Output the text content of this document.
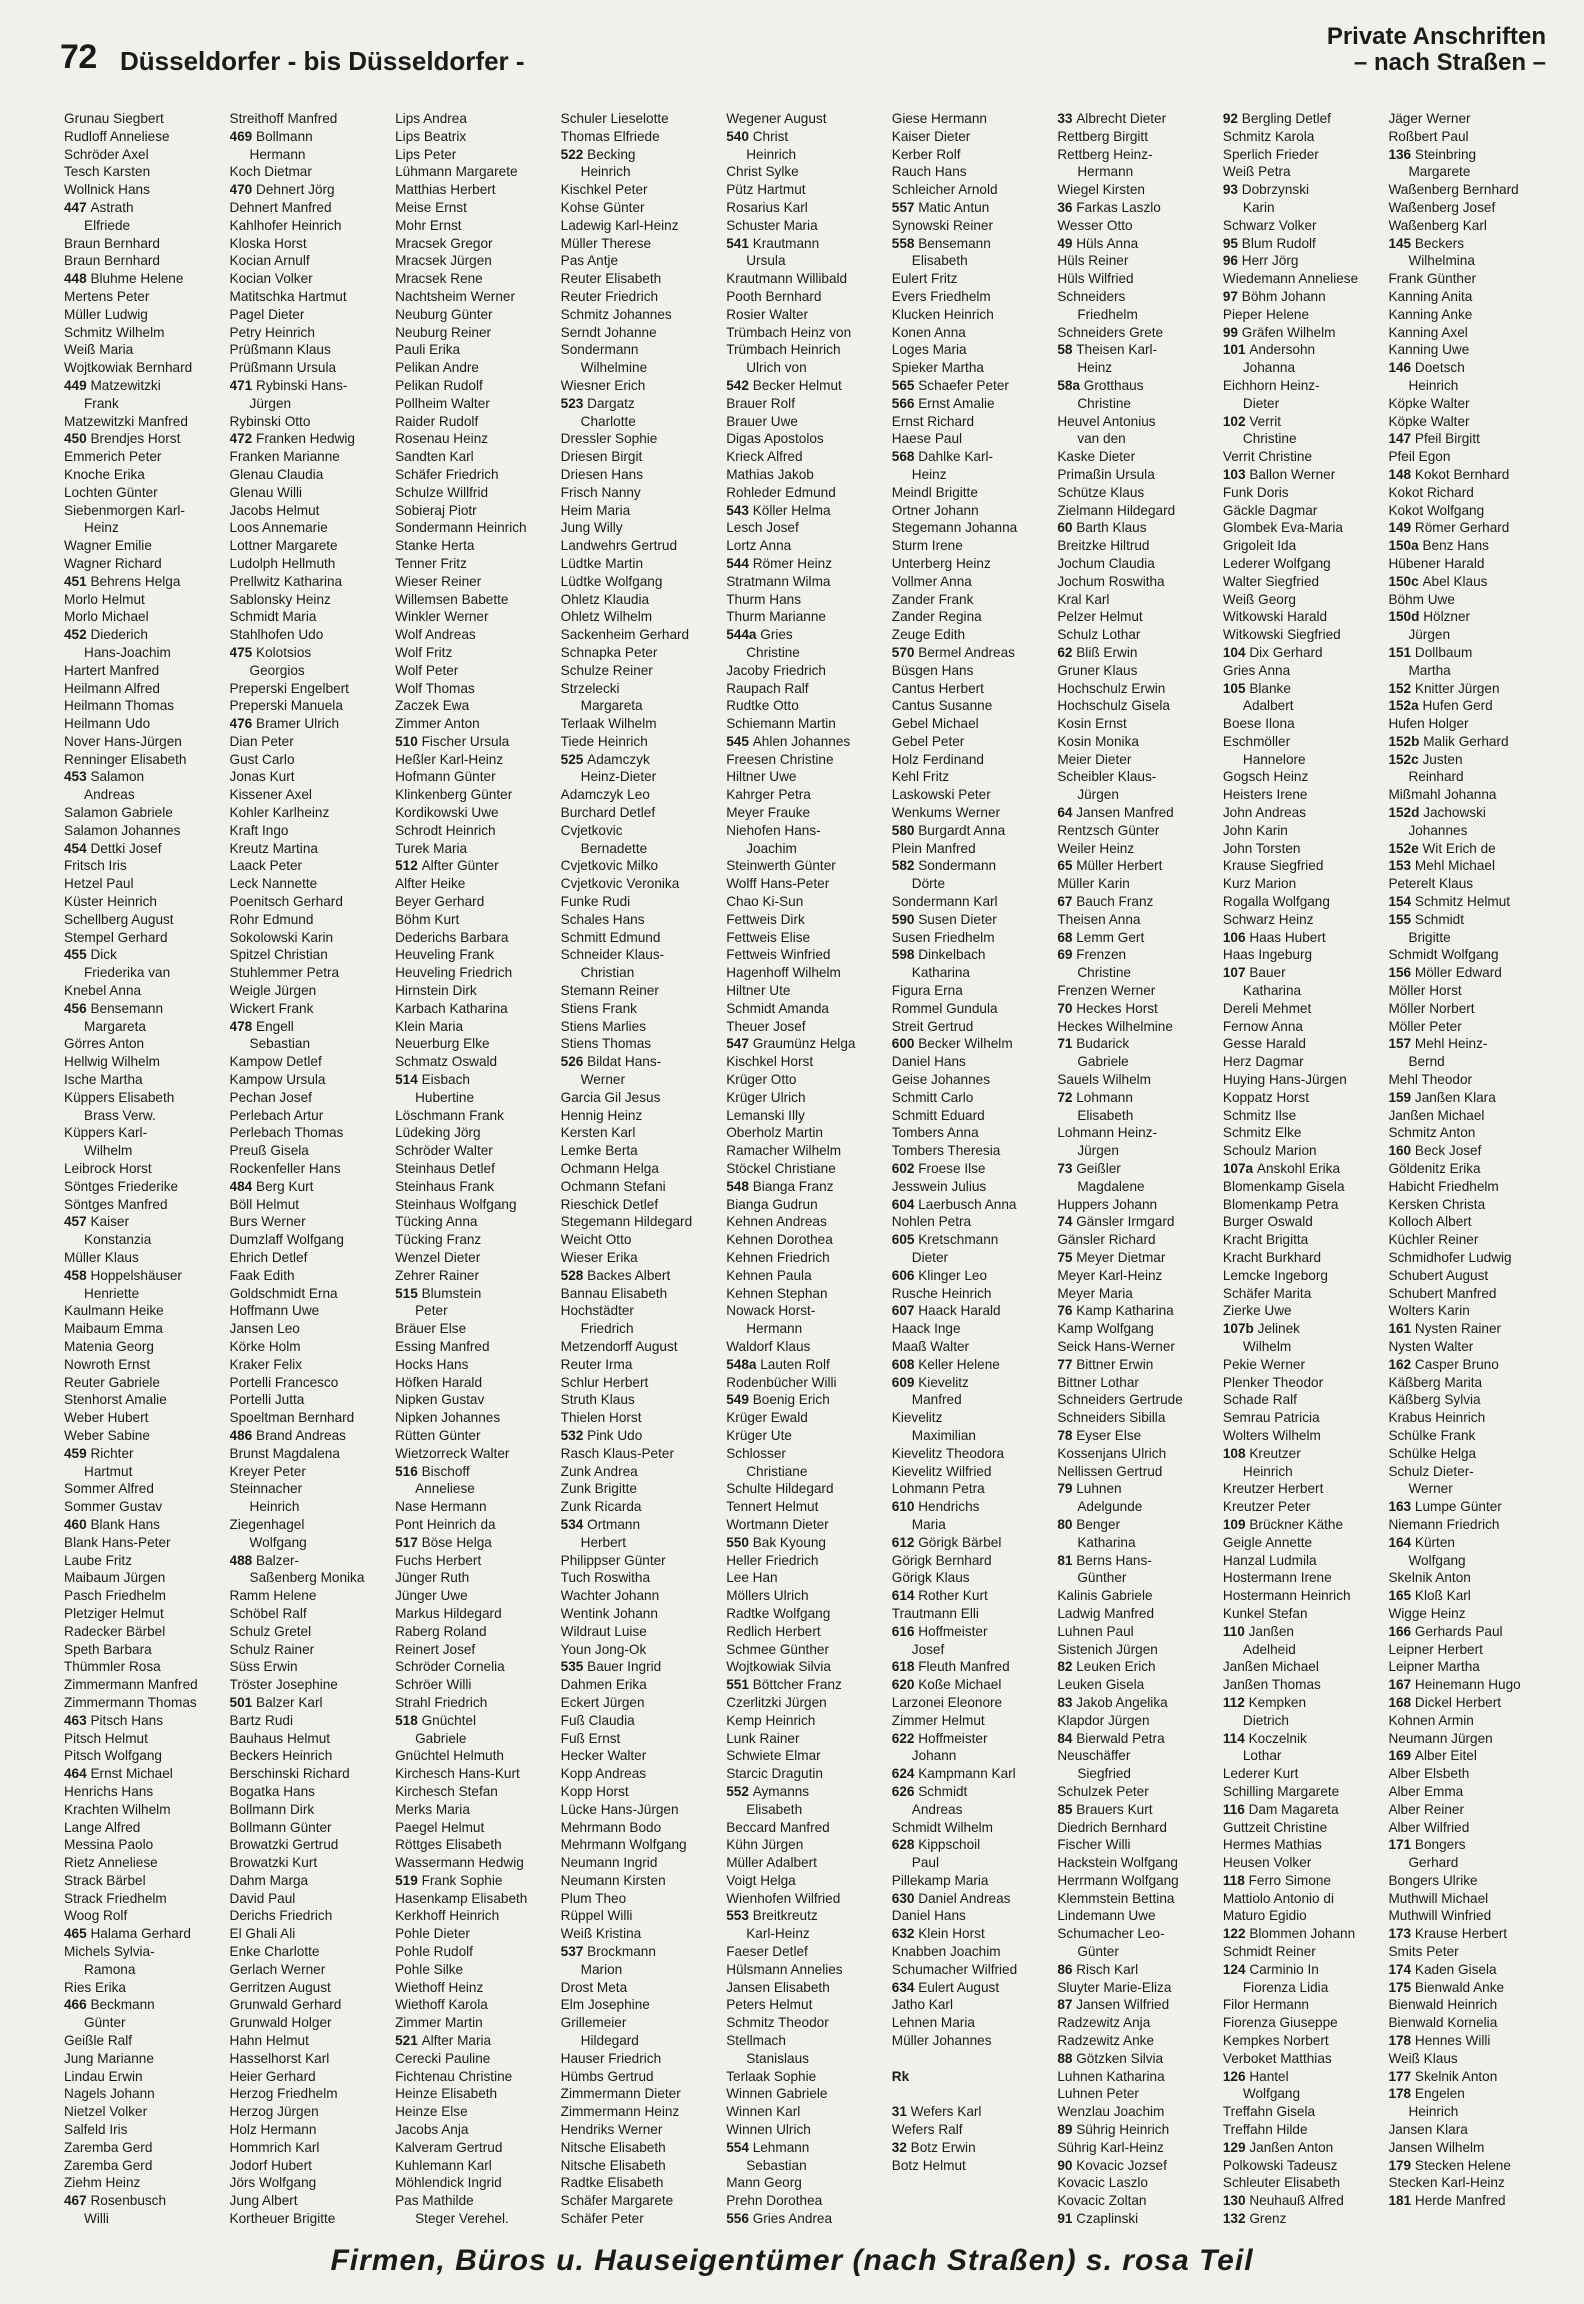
72 Düsseldorfer - bis Düsseldorfer -
Private Anschriften
– nach Straßen –
Grunau Siegbert
Rudloff Anneliese
Schröder Axel
Tesch Karsten
Wollnick Hans
447 Astrath
Elfriede
Braun Bernhard
Braun Bernhard
448 Bluhme Helene
Mertens Peter
Müller Ludwig
Schmitz Wilhelm
Weiß Maria
Wojtkowiak Bernhard
449 Matzewitzki
Frank
Matzewitzki Manfred
450 Brendjes Horst
Emmerich Peter
Knoche Erika
Lochten Günter
Siebenmorgen Karl-
Heinz
Wagner Emilie
Wagner Richard
451 Behrens Helga
Morlo Helmut
Morlo Michael
452 Diederich
Hans-Joachim
Hartert Manfred
Heilmann Alfred
Heilmann Thomas
Heilmann Udo
Nover Hans-Jürgen
Renninger Elisabeth
453 Salamon
Andreas
Salamon Gabriele
Salamon Johannes
454 Dettki Josef
Fritsch Iris
Hetzel Paul
Küster Heinrich
Schellberg August
Stempel Gerhard
455 Dick
Friederika van
Knebel Anna
456 Bensemann
Margareta
Görres Anton
Hellwig Wilhelm
Ische Martha
Küppers Elisabeth
Brass Verw.
Küppers Karl-
Wilhelm
Leibrock Horst
Söntges Friederike
Söntges Manfred
457 Kaiser
Konstanzia
Müller Klaus
458 Hoppelshäuser
Henriette
Kaulmann Heike
Maibaum Emma
Matenia Georg
Nowroth Ernst
Reuter Gabriele
Stenhorst Amalie
Weber Hubert
Weber Sabine
459 Richter
Hartmut
Sommer Alfred
Sommer Gustav
460 Blank Hans
Blank Hans-Peter
Laube Fritz
Maibaum Jürgen
Pasch Friedhelm
Pletziger Helmut
Radecker Bärbel
Speth Barbara
Thümmler Rosa
Zimmermann Manfred
Zimmermann Thomas
463 Pitsch Hans
Pitsch Helmut
Pitsch Wolfgang
464 Ernst Michael
Henrichs Hans
Krachten Wilhelm
Lange Alfred
Messina Paolo
Rietz Anneliese
Strack Bärbel
Strack Friedhelm
Woog Rolf
465 Halama Gerhard
Michels Sylvia-
Ramona
Ries Erika
466 Beckmann
Günter
Geißle Ralf
Jung Marianne
Lindau Erwin
Nagels Johann
Nietzel Volker
Salfeld Iris
Zaremba Gerd
Zaremba Gerd
Ziehm Heinz
467 Rosenbusch
Willi
Streithoff Manfred
469 Bollmann
Hermann
Koch Dietmar
470 Dehnert Jörg
Dehnert Manfred
Kahlhofer Heinrich
Kloska Horst
Kocian Arnulf
Kocian Volker
Matitschka Hartmut
Pagel Dieter
Petry Heinrich
Prüßmann Klaus
Prüßmann Ursula
471 Rybinski Hans-
Jürgen
Rybinski Otto
472 Franken Hedwig
Franken Marianne
Glenau Claudia
Glenau Willi
Jacobs Helmut
Loos Annemarie
Lottner Margarete
Ludolph Hellmuth
Prellwitz Katharina
Sablonsky Heinz
Schmidt Maria
Stahlhofen Udo
475 Kolotsios
Georgios
Preperski Engelbert
Preperski Manuela
476 Bramer Ulrich
Dian Peter
Gust Carlo
Jonas Kurt
Kissener Axel
Kohler Karlheinz
Kraft Ingo
Kreutz Martina
Laack Peter
Leck Nannette
Poenitsch Gerhard
Rohr Edmund
Sokolowski Karin
Spitzel Christian
Stuhlemmer Petra
Weigle Jürgen
Wickert Frank
478 Engell
Sebastian
Kampow Detlef
Kampow Ursula
Pechan Josef
Perlebach Artur
Perlebach Thomas
Preuß Gisela
Rockenfeller Hans
484 Berg Kurt
Böll Helmut
Burs Werner
Dumzlaff Wolfgang
Ehrich Detlef
Faak Edith
Goldschmidt Erna
Hoffmann Uwe
Jansen Leo
Körke Holm
Kraker Felix
Portelli Francesco
Portelli Jutta
Spoeltman Bernhard
486 Brand Andreas
Brunst Magdalena
Kreyer Peter
Steinnacher
Heinrich
Ziegenhagel
Wolfgang
488 Balzer-
Saßenberg Monika
Ramm Helene
Schöbel Ralf
Schulz Gretel
Schulz Rainer
Süss Erwin
Tröster Josephine
501 Balzer Karl
Bartz Rudi
Bauhaus Helmut
Beckers Heinrich
Berschinski Richard
Bogatka Hans
Bollmann Dirk
Bollmann Günter
Browatzki Gertrud
Browatzki Kurt
Dahm Marga
David Paul
Derichs Friedrich
El Ghali Ali
Enke Charlotte
Gerlach Werner
Gerritzen August
Grunwald Gerhard
Grunwald Holger
Hahn Helmut
Hasselhorst Karl
Heier Gerhard
Herzog Friedhelm
Herzog Jürgen
Holz Hermann
Hommrich Karl
Jodorf Hubert
Jörs Wolfgang
Jung Albert
Kortheuer Brigitte
Lips Andrea
Lips Beatrix
Lips Peter
Lühmann Margarete
Matthias Herbert
Meise Ernst
Mohr Ernst
Mracsek Gregor
Mracsek Jürgen
Mracsek Rene
Nachtsheim Werner
Neuburg Günter
Neuburg Reiner
Pauli Erika
Pelikan Andre
Pelikan Rudolf
Pollheim Walter
Raider Rudolf
Rosenau Heinz
Sandten Karl
Schäfer Friedrich
Schulze Willfrid
Sobieraj Piotr
Sondermann Heinrich
Stanke Herta
Tenner Fritz
Wieser Reiner
Willemsen Babette
Winkler Werner
Wolf Andreas
Wolf Fritz
Wolf Peter
Wolf Thomas
Zaczek Ewa
Zimmer Anton
510 Fischer Ursula
Heßler Karl-Heinz
Hofmann Günter
Klinkenberg Günter
Kordikowski Uwe
Schrodt Heinrich
Turek Maria
512 Alfter Günter
Alfter Heike
Beyer Gerhard
Böhm Kurt
Dederichs Barbara
Heuveling Frank
Heuveling Friedrich
Hirnstein Dirk
Karbach Katharina
Klein Maria
Neuerburg Elke
Schmatz Oswald
514 Eisbach
Hubertine
Löschmann Frank
Lüdeking Jörg
Schröder Walter
Steinhaus Detlef
Steinhaus Frank
Steinhaus Wolfgang
Tücking Anna
Tücking Franz
Wenzel Dieter
Zehrer Rainer
515 Blumstein
Peter
Bräuer Else
Essing Manfred
Hocks Hans
Höfken Harald
Nipken Gustav
Nipken Johannes
Rütten Günter
Wietzorreck Walter
516 Bischoff
Anneliese
Nase Hermann
Pont Heinrich da
517 Böse Helga
Fuchs Herbert
Jünger Ruth
Jünger Uwe
Markus Hildegard
Raberg Roland
Reinert Josef
Schröder Cornelia
Schröer Willi
Strahl Friedrich
518 Gnüchtel
Gabriele
Gnüchtel Helmuth
Kirchesch Hans-Kurt
Kirchesch Stefan
Merks Maria
Paegel Helmut
Röttges Elisabeth
Wassermann Hedwig
519 Frank Sophie
Hasenkamp Elisabeth
Kerkhoff Heinrich
Pohle Dieter
Pohle Rudolf
Pohle Silke
Wiethoff Heinz
Wiethoff Karola
Zimmer Martin
521 Alfter Maria
Cerecki Pauline
Fichtenau Christine
Heinze Elisabeth
Heinze Else
Jacobs Anja
Kalveram Gertrud
Kuhlemann Karl
Möhlendick Ingrid
Pas Mathilde
Steger Verehel.
Schuler Lieselotte
Thomas Elfriede
522 Becking
Heinrich
Kischkel Peter
Kohse Günter
Ladewig Karl-Heinz
Müller Therese
Pas Antje
Reuter Elisabeth
Reuter Friedrich
Schmitz Johannes
Serndt Johanne
Sondermann
Wilhelmine
Wiesner Erich
523 Dargatz
Charlotte
Dressler Sophie
Driesen Birgit
Driesen Hans
Frisch Nanny
Heim Maria
Jung Willy
Landwehrs Gertrud
Lüdtke Martin
Lüdtke Wolfgang
Ohletz Klaudia
Ohletz Wilhelm
Sackenheim Gerhard
Schnapka Peter
Schulze Reiner
Strzelecki
Margareta
Terlaak Wilhelm
Tiede Heinrich
525 Adamczyk
Heinz-Dieter
Adamczyk Leo
Burchard Detlef
Cvjetkovic
Bernadette
Cvjetkovic Milko
Cvjetkovic Veronika
Funke Rudi
Schales Hans
Schmitt Edmund
Schneider Klaus-
Christian
Stemann Reiner
Stiens Frank
Stiens Marlies
Stiens Thomas
526 Bildat Hans-
Werner
Garcia Gil Jesus
Hennig Heinz
Kersten Karl
Lemke Berta
Ochmann Helga
Ochmann Stefani
Rieschick Detlef
Stegemann Hildegard
Weicht Otto
Wieser Erika
528 Backes Albert
Bannau Elisabeth
Hochstädter
Friedrich
Metzendorff August
Reuter Irma
Schlur Herbert
Struth Klaus
Thielen Horst
532 Pink Udo
Rasch Klaus-Peter
Zunk Andrea
Zunk Brigitte
Zunk Ricarda
534 Ortmann
Herbert
Philippser Günter
Tuch Roswitha
Wachter Johann
Wentink Johann
Wildraut Luise
Youn Jong-Ok
535 Bauer Ingrid
Dahmen Erika
Eckert Jürgen
Fuß Claudia
Fuß Ernst
Hecker Walter
Kopp Andreas
Kopp Horst
Lücke Hans-Jürgen
Mehrmann Bodo
Mehrmann Wolfgang
Neumann Ingrid
Neumann Kirsten
Plum Theo
Rüppel Willi
Weiß Kristina
537 Brockmann
Marion
Drost Meta
Elm Josephine
Grillemeier
Hildegard
Hauser Friedrich
Hümbs Gertrud
Zimmermann Dieter
Zimmermann Heinz
Hendriks Werner
Nitsche Elisabeth
Nitsche Elisabeth
Radtke Elisabeth
Schäfer Margarete
Schäfer Peter
Wegener August
540 Christ
Heinrich
Christ Sylke
Pütz Hartmut
Rosarius Karl
Schuster Maria
541 Krautmann
Ursula
Krautmann Willibald
Pooth Bernhard
Rosier Walter
Trümbach Heinz von
Trümbach Heinrich
Ulrich von
542 Becker Helmut
Brauer Rolf
Brauer Uwe
Digas Apostolos
Krieck Alfred
Mathias Jakob
Rohleder Edmund
543 Köller Helma
Lesch Josef
Lortz Anna
544 Römer Heinz
Stratmann Wilma
Thurm Hans
Thurm Marianne
544a Gries
Christine
Jacoby Friedrich
Raupach Ralf
Rudtke Otto
Schiemann Martin
545 Ahlen Johannes
Freesen Christine
Hiltner Uwe
Kahrger Petra
Meyer Frauke
Niehofen Hans-
Joachim
Steinwerth Günter
Wolff Hans-Peter
Chao Ki-Sun
Fettweis Dirk
Fettweis Elise
Fettweis Winfried
Hagenhoff Wilhelm
Hiltner Ute
Schmidt Amanda
Theuer Josef
547 Graumünz Helga
Kischkel Horst
Krüger Otto
Krüger Ulrich
Lemanski Illy
Oberholz Martin
Ramacher Wilhelm
Stöckel Christiane
548 Bianga Franz
Bianga Gudrun
Kehnen Andreas
Kehnen Dorothea
Kehnen Friedrich
Kehnen Paula
Kehnen Stephan
Nowack Horst-
Hermann
Waldorf Klaus
548a Lauten Rolf
Rodenbücher Willi
549 Boenig Erich
Krüger Ewald
Krüger Ute
Schlosser
Christiane
Schulte Hildegard
Tennert Helmut
Wortmann Dieter
550 Bak Kyoung
Heller Friedrich
Lee Han
Möllers Ulrich
Radtke Wolfgang
Redlich Herbert
Schmee Günther
Wojtkowiak Silvia
551 Böttcher Franz
Czerlitzki Jürgen
Kemp Heinrich
Lunk Rainer
Schwiete Elmar
Starcic Dragutin
552 Aymanns
Elisabeth
Beccard Manfred
Kühn Jürgen
Müller Adalbert
Voigt Helga
Wienhofen Wilfried
553 Breitkreutz
Karl-Heinz
Faeser Detlef
Hülsmann Annelies
Jansen Elisabeth
Peters Helmut
Schmitz Theodor
Stellmach
Stanislaus
Terlaak Sophie
Winnen Gabriele
Winnen Karl
Winnen Ulrich
554 Lehmann
Sebastian
Mann Georg
Prehn Dorothea
556 Gries Andrea
Giese Hermann
Kaiser Dieter
Kerber Rolf
Rauch Hans
Schleicher Arnold
557 Matic Antun
Synowski Reiner
558 Bensemann
Elisabeth
Eulert Fritz
Evers Friedhelm
Klucken Heinrich
Konen Anna
Loges Maria
Spieker Martha
565 Schaefer Peter
566 Ernst Amalie
Ernst Richard
Haese Paul
568 Dahlke Karl-
Heinz
Meindl Brigitte
Ortner Johann
Stegemann Johanna
Sturm Irene
Unterberg Heinz
Vollmer Anna
Zander Frank
Zander Regina
Zeuge Edith
570 Bermel Andreas
Büsgen Hans
Cantus Herbert
Cantus Susanne
Gebel Michael
Gebel Peter
Holz Ferdinand
Kehl Fritz
Laskowski Peter
Wenkums Werner
580 Burgardt Anna
Plein Manfred
582 Sondermann
Dörte
Sondermann Karl
590 Susen Dieter
Susen Friedhelm
598 Dinkelbach
Katharina
Figura Erna
Rommel Gundula
Streit Gertrud
600 Becker Wilhelm
Daniel Hans
Geise Johannes
Schmitt Carlo
Schmitt Eduard
Tombers Anna
Tombers Theresia
602 Froese Ilse
Jesswein Julius
604 Laerbusch Anna
Nohlen Petra
605 Kretschmann
Dieter
606 Klinger Leo
Rusche Heinrich
607 Haack Harald
Haack Inge
Maaß Walter
608 Keller Helene
609 Kievelitz
Manfred
Kievelitz
Maximilian
Kievelitz Theodora
Kievelitz Wilfried
Lohmann Petra
610 Hendrichs
Maria
612 Görigk Bärbel
Görigk Bernhard
Görigk Klaus
614 Rother Kurt
Trautmann Elli
616 Hoffmeister
Josef
618 Fleuth Manfred
620 Koße Michael
Larzonei Eleonore
Zimmer Helmut
622 Hoffmeister
Johann
624 Kampmann Karl
626 Schmidt
Andreas
Schmidt Wilhelm
628 Kippschoil
Paul
Pillekamp Maria
630 Daniel Andreas
Daniel Hans
632 Klein Horst
Knabben Joachim
Schumacher Wilfried
634 Eulert August
Jatho Karl
Lehnen Maria
Müller Johannes

Rk

31 Wefers Karl
Wefers Ralf
32 Botz Erwin
Botz Helmut
33 Albrecht Dieter
Rettberg Birgitt
Rettberg Heinz-
Hermann
Wiegel Kirsten
36 Farkas Laszlo
Wesser Otto
49 Hüls Anna
Hüls Reiner
Hüls Wilfried
Schneiders
Friedhelm
Schneiders Grete
58 Theisen Karl-
Heinz
58a Grotthaus
Christine
Heuvel Antonius
van den
Kaske Dieter
Primaßin Ursula
Schütze Klaus
Zielmann Hildegard
60 Barth Klaus
Breitzke Hiltrud
Jochum Claudia
Jochum Roswitha
Kral Karl
Pelzer Helmut
Schulz Lothar
62 Bliß Erwin
Gruner Klaus
Hochschulz Erwin
Hochschulz Gisela
Kosin Ernst
Kosin Monika
Meier Dieter
Scheibler Klaus-
Jürgen
64 Jansen Manfred
Rentzsch Günter
Weiler Heinz
65 Müller Herbert
Müller Karin
67 Bauch Franz
Theisen Anna
68 Lemm Gert
69 Frenzen
Christine
Frenzen Werner
70 Heckes Horst
Heckes Wilhelmine
71 Budarick
Gabriele
Sauels Wilhelm
72 Lohmann
Elisabeth
Lohmann Heinz-
Jürgen
73 Geißler
Magdalene
Huppers Johann
74 Gänsler Irmgard
Gänsler Richard
75 Meyer Dietmar
Meyer Karl-Heinz
Meyer Maria
76 Kamp Katharina
Kamp Wolfgang
Seick Hans-Werner
77 Bittner Erwin
Bittner Lothar
Schneiders Gertrude
Schneiders Sibilla
78 Eyser Else
Kossenjans Ulrich
Nellissen Gertrud
79 Luhnen
Adelgunde
80 Benger
Katharina
81 Berns Hans-
Günther
Kalinis Gabriele
Ladwig Manfred
Luhnen Paul
Sistenich Jürgen
82 Leuken Erich
Leuken Gisela
83 Jakob Angelika
Klapdor Jürgen
84 Bierwald Petra
Neuschäffer
Siegfried
Schulzek Peter
85 Brauers Kurt
Diedrich Bernhard
Fischer Willi
Hackstein Wolfgang
Herrmann Wolfgang
Klemmstein Bettina
Lindemann Uwe
Schumacher Leo-
Günter
86 Risch Karl
Sluyter Marie-Eliza
87 Jansen Wilfried
Radzewitz Anja
Radzewitz Anke
88 Götzken Silvia
Luhnen Katharina
Luhnen Peter
Wenzlau Joachim
89 Sührig Heinrich
Sührig Karl-Heinz
90 Kovacic Jozsef
Kovacic Laszlo
Kovacic Zoltan
91 Czaplinski
92 Bergling Detlef
Schmitz Karola
Sperlich Frieder
Weiß Petra
93 Dobrzynski
Karin
Schwarz Volker
95 Blum Rudolf
96 Herr Jörg
Wiedemann Anneliese
97 Böhm Johann
Pieper Helene
99 Gräfen Wilhelm
101 Andersohn
Johanna
Eichhorn Heinz-
Dieter
102 Verrit
Christine
Verrit Christine
103 Ballon Werner
Funk Doris
Gäckle Dagmar
Glombek Eva-Maria
Grigoleit Ida
Lederer Wolfgang
Walter Siegfried
Weiß Georg
Witkowski Harald
Witkowski Siegfried
104 Dix Gerhard
Gries Anna
105 Blanke
Adalbert
Boese Ilona
Eschmöller
Hannelore
Gogsch Heinz
Heisters Irene
John Andreas
John Karin
John Torsten
Krause Siegfried
Kurz Marion
Rogalla Wolfgang
Schwarz Heinz
106 Haas Hubert
Haas Ingeburg
107 Bauer
Katharina
Dereli Mehmet
Fernow Anna
Gesse Harald
Herz Dagmar
Huying Hans-Jürgen
Koppatz Horst
Schmitz Ilse
Schmitz Elke
Schoulz Marion
107a Anskohl Erika
Blomenkamp Gisela
Blomenkamp Petra
Burger Oswald
Kracht Brigitta
Kracht Burkhard
Lemcke Ingeborg
Schäfer Marita
Zierke Uwe
107b Jelinek
Wilhelm
Pekie Werner
Plenker Theodor
Schade Ralf
Semrau Patricia
Wolters Wilhelm
108 Kreutzer
Heinrich
Kreutzer Herbert
Kreutzer Peter
109 Brückner Käthe
Geigle Annette
Hanzal Ludmila
Hostermann Irene
Hostermann Heinrich
Kunkel Stefan
110 Janßen
Adelheid
Janßen Michael
Janßen Thomas
112 Kempken
Dietrich
114 Koczelnik
Lothar
Lederer Kurt
Schilling Margarete
116 Dam Magareta
Guttzeit Christine
Hermes Mathias
Heusen Volker
118 Ferro Simone
Mattiolo Antonio di
Maturo Egidio
122 Blommen Johann
Schmidt Reiner
124 Carminio In
Fiorenza Lidia
Filor Hermann
Fiorenza Giuseppe
Kempkes Norbert
Verboket Matthias
126 Hantel
Wolfgang
Treffahn Gisela
Treffahn Hilde
129 Janßen Anton
Polkowski Tadeusz
Schleuter Elisabeth
130 Neuhauß Alfred
132 Grenz
Jäger Werner
Roßbert Paul
136 Steinbring
Margarete
Waßenberg Bernhard
Waßenberg Josef
Waßenberg Karl
145 Beckers
Wilhelmina
Frank Günther
Kanning Anita
Kanning Anke
Kanning Axel
Kanning Uwe
146 Doetsch
Heinrich
Köpke Walter
Köpke Walter
147 Pfeil Birgitt
Pfeil Egon
148 Kokot Bernhard
Kokot Richard
Kokot Wolfgang
149 Römer Gerhard
150a Benz Hans
Hübener Harald
150c Abel Klaus
Böhm Uwe
150d Hölzner
Jürgen
151 Dollbaum
Martha
152 Knitter Jürgen
152a Hufen Gerd
Hufen Holger
152b Malik Gerhard
152c Justen
Reinhard
Mißmahl Johanna
152d Jachowski
Johannes
152e Wit Erich de
153 Mehl Michael
Peterelt Klaus
154 Schmitz Helmut
155 Schmidt
Brigitte
Schmidt Wolfgang
156 Möller Edward
Möller Horst
Möller Norbert
Möller Peter
157 Mehl Heinz-
Bernd
Mehl Theodor
159 Janßen Klara
Janßen Michael
Schmitz Anton
160 Beck Josef
Göldenitz Erika
Habicht Friedhelm
Kersken Christa
Kolloch Albert
Küchler Reiner
Schmidhofer Ludwig
Schubert August
Schubert Manfred
Wolters Karin
161 Nysten Rainer
Nysten Walter
162 Casper Bruno
Käßberg Marita
Käßberg Sylvia
Krabus Heinrich
Schülke Frank
Schülke Helga
Schulz Dieter-
Werner
163 Lumpe Günter
Niemann Friedrich
164 Kürten
Wolfgang
Skelnik Anton
165 Kloß Karl
Wigge Heinz
166 Gerhards Paul
Leipner Herbert
Leipner Martha
167 Heinemann Hugo
168 Dickel Herbert
Kohnen Armin
Neumann Jürgen
169 Alber Eitel
Alber Elsbeth
Alber Emma
Alber Reiner
Alber Wilfried
171 Bongers
Gerhard
Bongers Ulrike
Muthwill Michael
Muthwill Winfried
173 Krause Herbert
Smits Peter
174 Kaden Gisela
175 Bienwald Anke
Bienwald Heinrich
Bienwald Kornelia
178 Hennes Willi
Weiß Klaus
177 Skelnik Anton
178 Engelen
Heinrich
Jansen Klara
Jansen Wilhelm
179 Stecken Helene
Stecken Karl-Heinz
181 Herde Manfred
Firmen, Büros u. Hauseigentümer (nach Straßen) s. rosa Teil
